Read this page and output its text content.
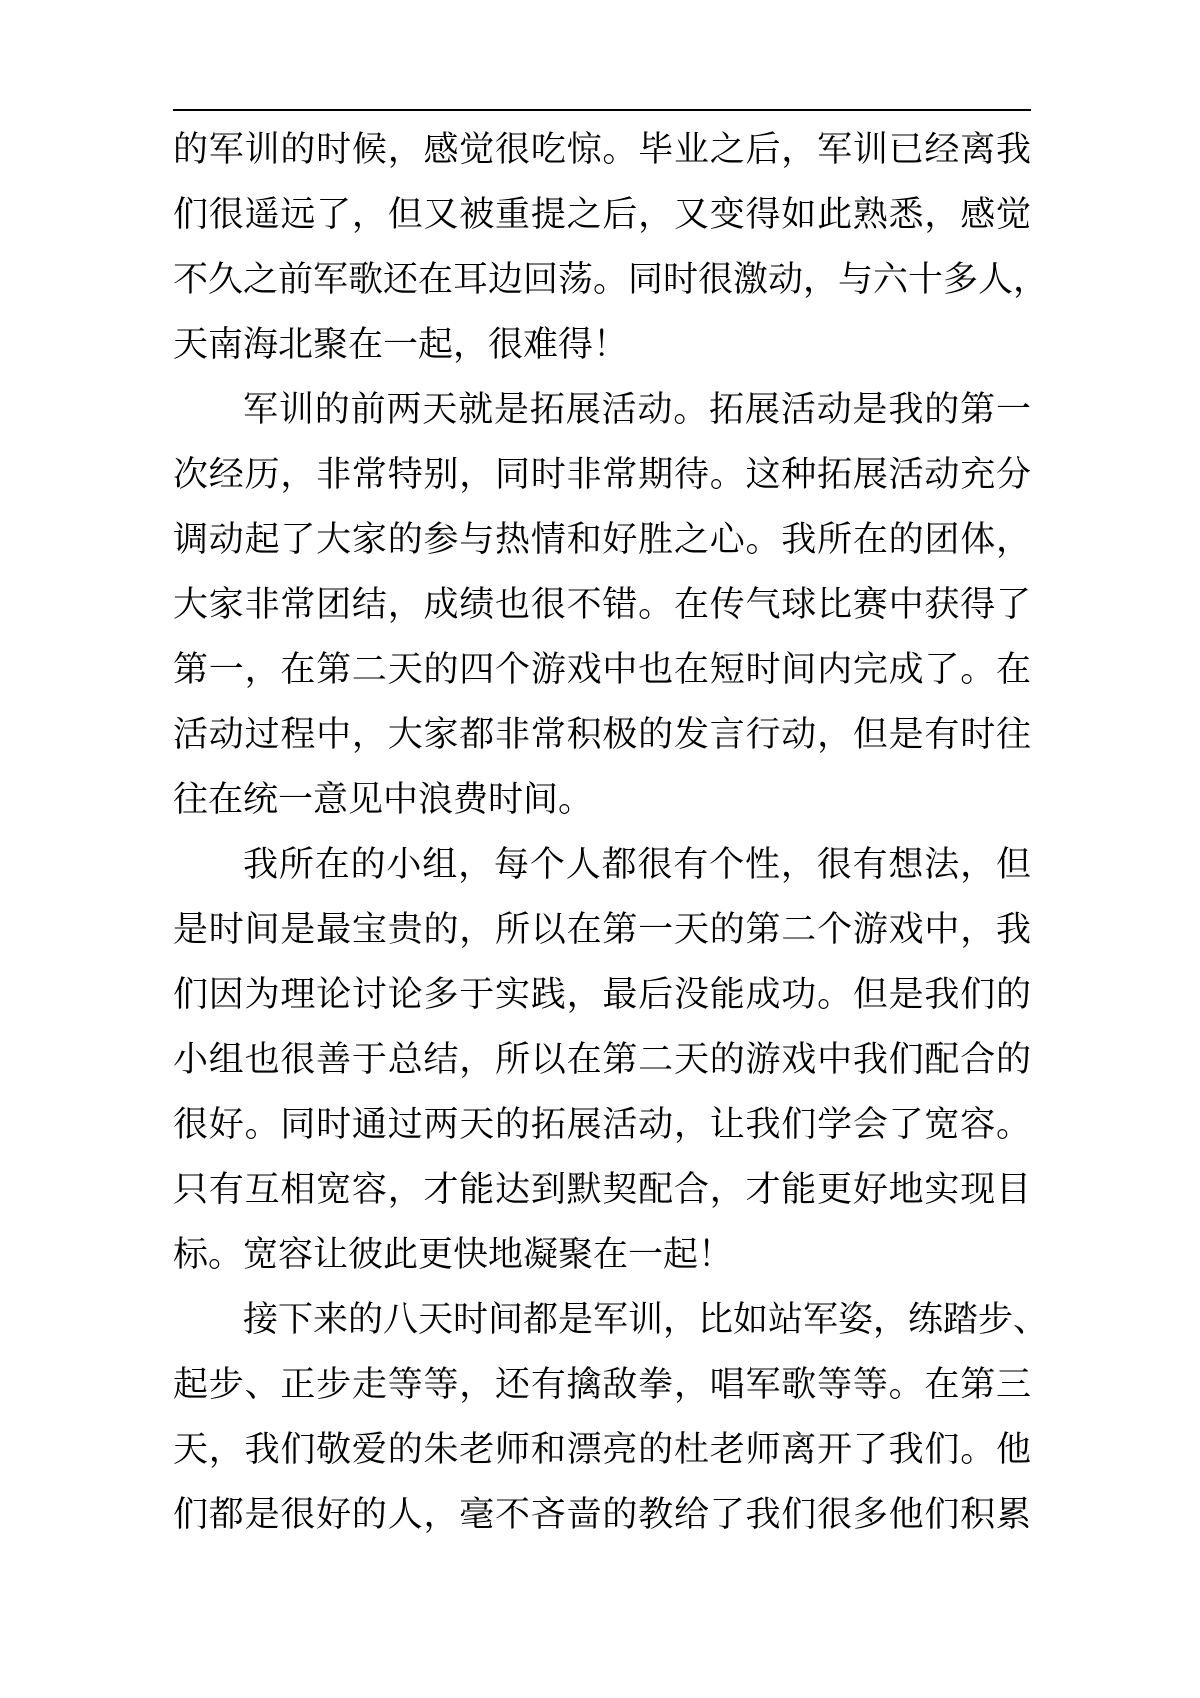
的军训的时候，感觉很吃惊。毕业之后，军训已经离我
们很遥远了，但又被重提之后，又变得如此熟悉，感觉
不久之前军歌还在耳边回荡。同时很激动，与六十多人，
天南海北聚在一起，很难得！
军训的前两天就是拓展活动。拓展活动是我的第一
次经历，非常特别，同时非常期待。这种拓展活动充分
调动起了大家的参与热情和好胜之心。我所在的团体，
大家非常团结，成绩也很不错。在传气球比赛中获得了
第一，在第二天的四个游戏中也在短时间内完成了。在
活动过程中，大家都非常积极的发言行动，但是有时往
往在统一意见中浪费时间。
我所在的小组，每个人都很有个性，很有想法，但
是时间是最宝贵的，所以在第一天的第二个游戏中，我
们因为理论讨论多于实践，最后没能成功。但是我们的
小组也很善于总结，所以在第二天的游戏中我们配合的
很好。同时通过两天的拓展活动，让我们学会了宽容。
只有互相宽容，才能达到默契配合，才能更好地实现目
标。宽容让彼此更快地凝聚在一起！
接下来的八天时间都是军训，比如站军姿，练踏步、
起步、正步走等等，还有擒敌拳，唱军歌等等。在第三
天，我们敬爱的朱老师和漂亮的杜老师离开了我们。他
们都是很好的人，毫不吝啬的教给了我们很多他们积累
